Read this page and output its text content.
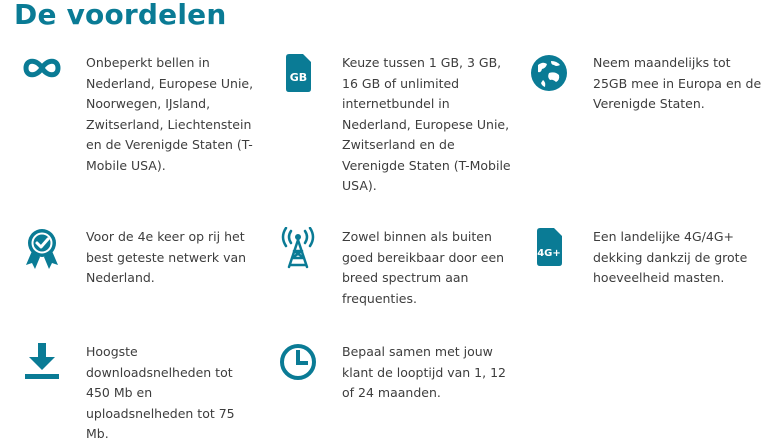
De voordelen
Onbeperkt bellen in Nederland, Europese Unie, Noorwegen, IJsland, Zwitserland, Liechtenstein en de Verenigde Staten (T-Mobile USA).
GB
Keuze tussen 1 GB, 3 GB, 16 GB of unlimited internetbundel in Nederland, Europese Unie, Zwitserland en de Verenigde Staten (T-Mobile USA).
Neem maandelijks tot 25GB mee in Europa en de Verenigde Staten.
Voor de 4e keer op rij het best geteste netwerk van Nederland.
Zowel binnen als buiten goed bereikbaar door een breed spectrum aan frequenties.
4G+
Een landelijke 4G/4G+ dekking dankzij de grote hoeveelheid masten.
Hoogste downloadsnelheden tot 450 Mb en uploadsnelheden tot 75 Mb.
Bepaal samen met jouw klant de looptijd van 1, 12 of 24 maanden.
